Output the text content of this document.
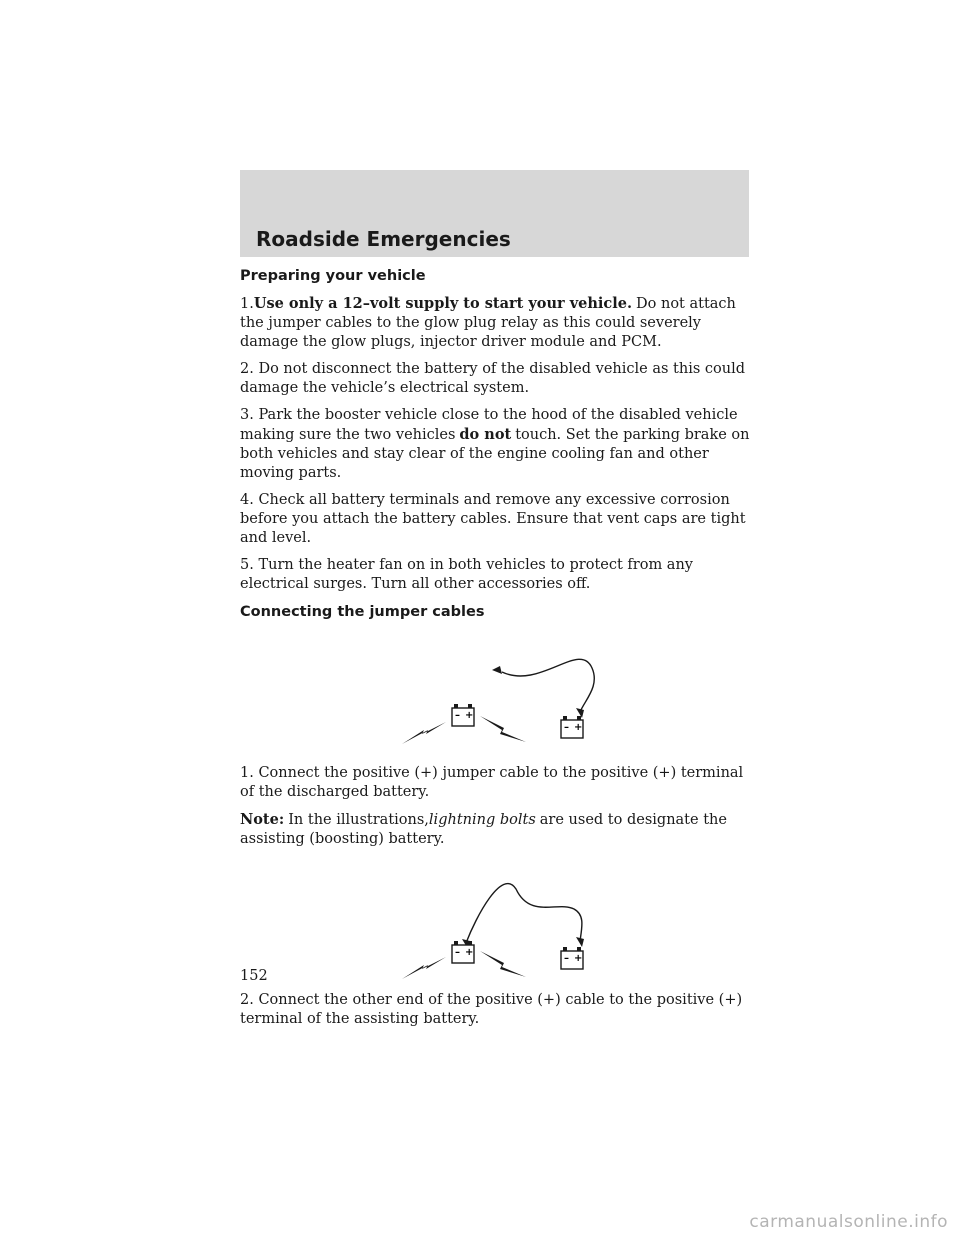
Roadside Emergencies
Preparing your vehicle

1.Use only a 12–volt supply to start your vehicle. Do not attach the jumper cables to the glow plug relay as this could severely damage the glow plugs, injector driver module and PCM.

2. Do not disconnect the battery of the disabled vehicle as this could damage the vehicle’s electrical system.

3. Park the booster vehicle close to the hood of the disabled vehicle making sure the two vehicles do not touch. Set the parking brake on both vehicles and stay clear of the engine cooling fan and other moving parts.

4. Check all battery terminals and remove any excessive corrosion before you attach the battery cables. Ensure that vent caps are tight and level.

5. Turn the heater fan on in both vehicles to protect from any electrical surges. Turn all other accessories off.

Connecting the jumper cables
– +
– +

1. Connect the positive (+) jumper cable to the positive (+) terminal of the discharged battery.

Note: In the illustrations,lightning bolts are used to designate the assisting (boosting) battery.

– +
– +

2. Connect the other end of the positive (+) cable to the positive (+) terminal of the assisting battery.

152

carmanualsonline.info
